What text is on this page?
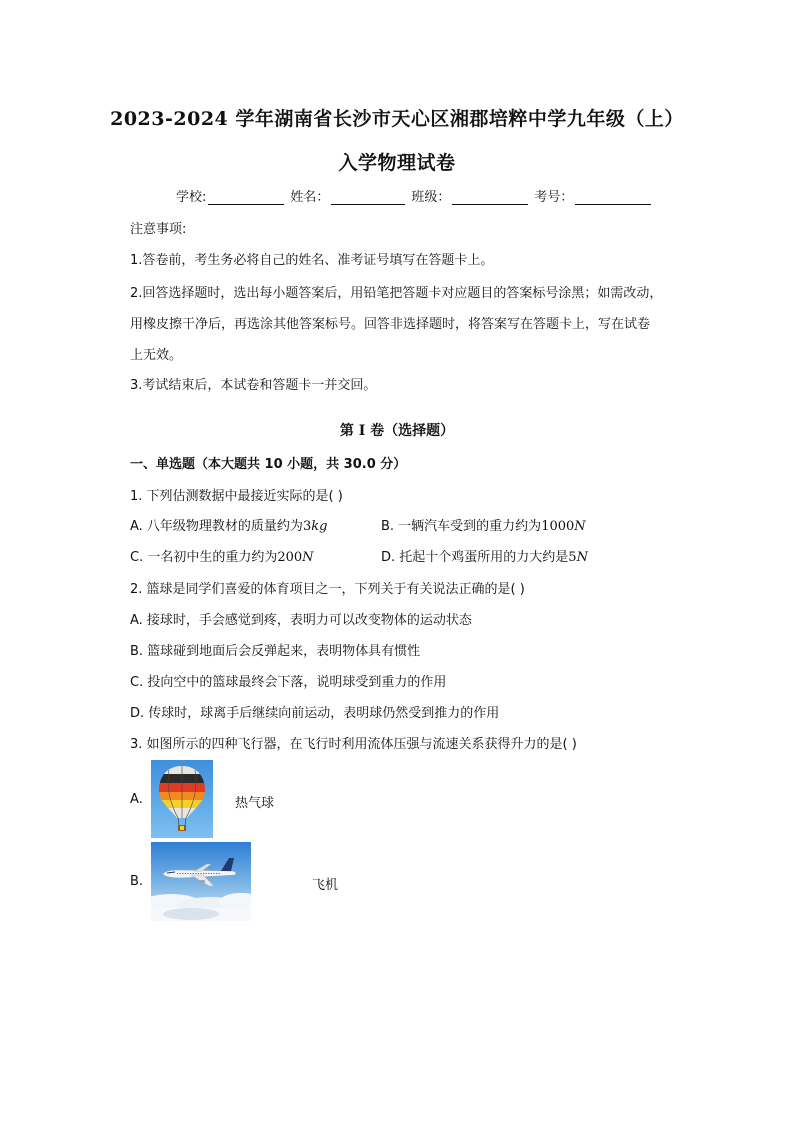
2023-2024 学年湖南省长沙市天心区湘郡培粹中学九年级（上）
入学物理试卷
学校:	姓名：	班级：	考号：
注意事项:
1.答卷前，考生务必将自己的姓名、准考证号填写在答题卡上。
2.回答选择题时，选出每小题答案后，用铅笔把答题卡对应题目的答案标号涂黑；如需改动，
用橡皮擦干净后，再选涂其他答案标号。回答非选择题时，将答案写在答题卡上，写在试卷
上无效。
3.考试结束后，本试卷和答题卡一并交回。
第 I 卷（选择题）
一、单选题（本大题共 10 小题，共 30.0 分）
1. 下列估测数据中最接近实际的是( )
A. 八年级物理教材的质量约为3kg	B. 一辆汽车受到的重力约为1000N
C. 一名初中生的重力约为200N	D. 托起十个鸡蛋所用的力大约是5N
2. 篮球是同学们喜爱的体育项目之一，下列关于有关说法正确的是( )
A. 接球时，手会感觉到疼，表明力可以改变物体的运动状态
B. 篮球碰到地面后会反弹起来，表明物体具有惯性
C. 投向空中的篮球最终会下落，说明球受到重力的作用
D. 传球时，球离手后继续向前运动，表明球仍然受到推力的作用
3. 如图所示的四种飞行器，在飞行时利用流体压强与流速关系获得升力的是( )
A.	热气球
B.	飞机
